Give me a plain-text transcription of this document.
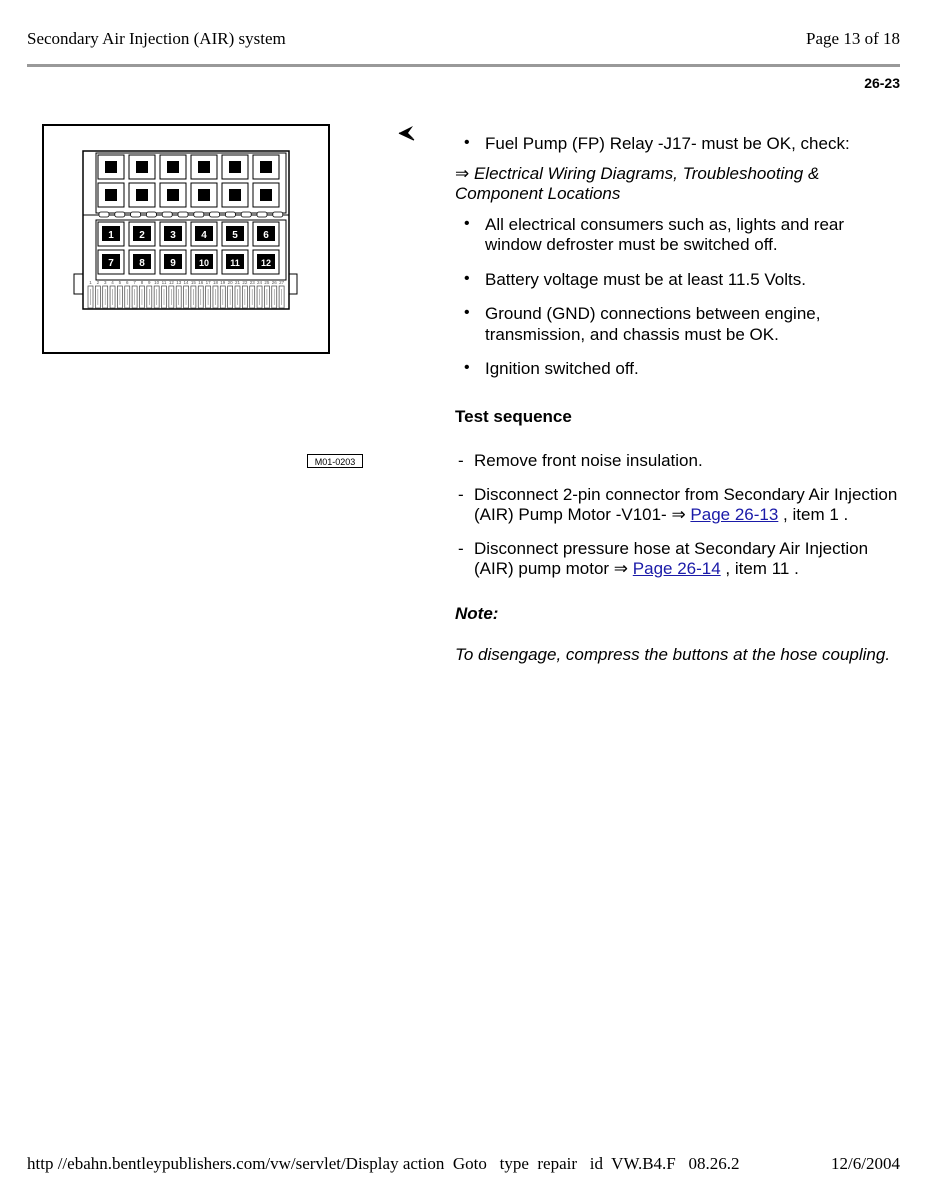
Secondary Air Injection (AIR) system	Page 13 of 18
26-23
1	2	3	4	5	6
7	8	9	10 11 12
1 2 3 4 5 6 7 8 9 10 11 12 13 14 15 16 17 18 19 20 21 22 23 24 25 26 27
M01-0203
• Fuel Pump (FP) Relay -J17- must be OK, check:
⇒ Electrical Wiring Diagrams, Troubleshooting & Component Locations
• All electrical consumers such as, lights and rear window defroster must be switched off.
• Battery voltage must be at least 11.5 Volts.
• Ground (GND) connections between engine, transmission, and chassis must be OK.
• Ignition switched off.
Test sequence
- Remove front noise insulation.
- Disconnect 2-pin connector from Secondary Air Injection (AIR) Pump Motor -V101- ⇒ Page 26-13 , item 1 .
- Disconnect pressure hose at Secondary Air Injection (AIR) pump motor ⇒ Page 26-14 , item 11 .
Note:
To disengage, compress the buttons at the hose coupling.
http //ebahn.bentleypublishers.com/vw/servlet/Display action  Goto   type  repair   id  VW.B4.F   08.26.2	12/6/2004
